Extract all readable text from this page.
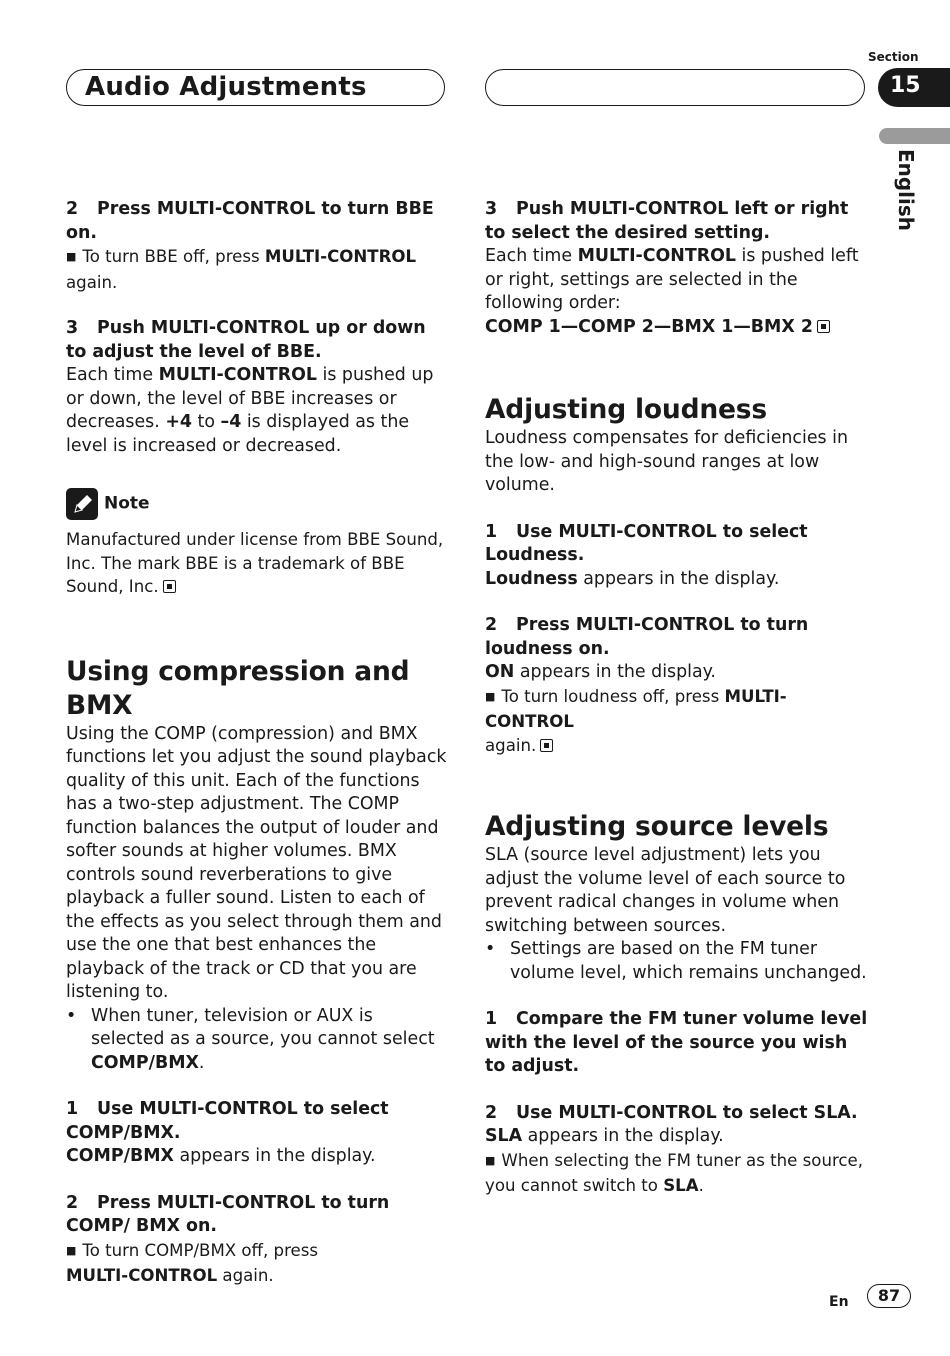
Audio Adjustments
Section
15
English

2 Press MULTI-CONTROL to turn BBE on.

■ To turn BBE off, press MULTI-CONTROL
again.

3 Push MULTI-CONTROL up or down to adjust the level of BBE.

Each time MULTI-CONTROL is pushed up or down, the level of BBE increases or decreases. +4 to –4 is displayed as the level is increased or decreased.

Note

Manufactured under license from BBE Sound, Inc. The mark BBE is a trademark of BBE Sound, Inc.

Using compression and BMX

Using the COMP (compression) and BMX functions let you adjust the sound playback quality of this unit. Each of the functions has a two-step adjustment. The COMP function balances the output of louder and softer sounds at higher volumes. BMX controls sound reverberations to give playback a fuller sound. Listen to each of the effects as you select through them and use the one that best enhances the playback of the track or CD that you are listening to.

• When tuner, television or AUX is selected as a source, you cannot select COMP/BMX.

1 Use MULTI-CONTROL to select COMP/BMX.

COMP/BMX appears in the display.

2 Press MULTI-CONTROL to turn COMP/ BMX on.

■ To turn COMP/BMX off, press
MULTI-CONTROL again.

3 Push MULTI-CONTROL left or right to select the desired setting.

Each time MULTI-CONTROL is pushed left or right, settings are selected in the following order:

COMP 1—COMP 2—BMX 1—BMX 2

Adjusting loudness

Loudness compensates for deficiencies in the low- and high-sound ranges at low volume.

1 Use MULTI-CONTROL to select Loudness.

Loudness appears in the display.

2 Press MULTI-CONTROL to turn loudness on.

ON appears in the display.

■ To turn loudness off, press MULTI-CONTROL
again.

Adjusting source levels

SLA (source level adjustment) lets you adjust the volume level of each source to prevent radical changes in volume when switching between sources.

• Settings are based on the FM tuner volume level, which remains unchanged.

1 Compare the FM tuner volume level with the level of the source you wish to adjust.

2 Use MULTI-CONTROL to select SLA.

SLA appears in the display.

■ When selecting the FM tuner as the source, you cannot switch to SLA.

En	87
